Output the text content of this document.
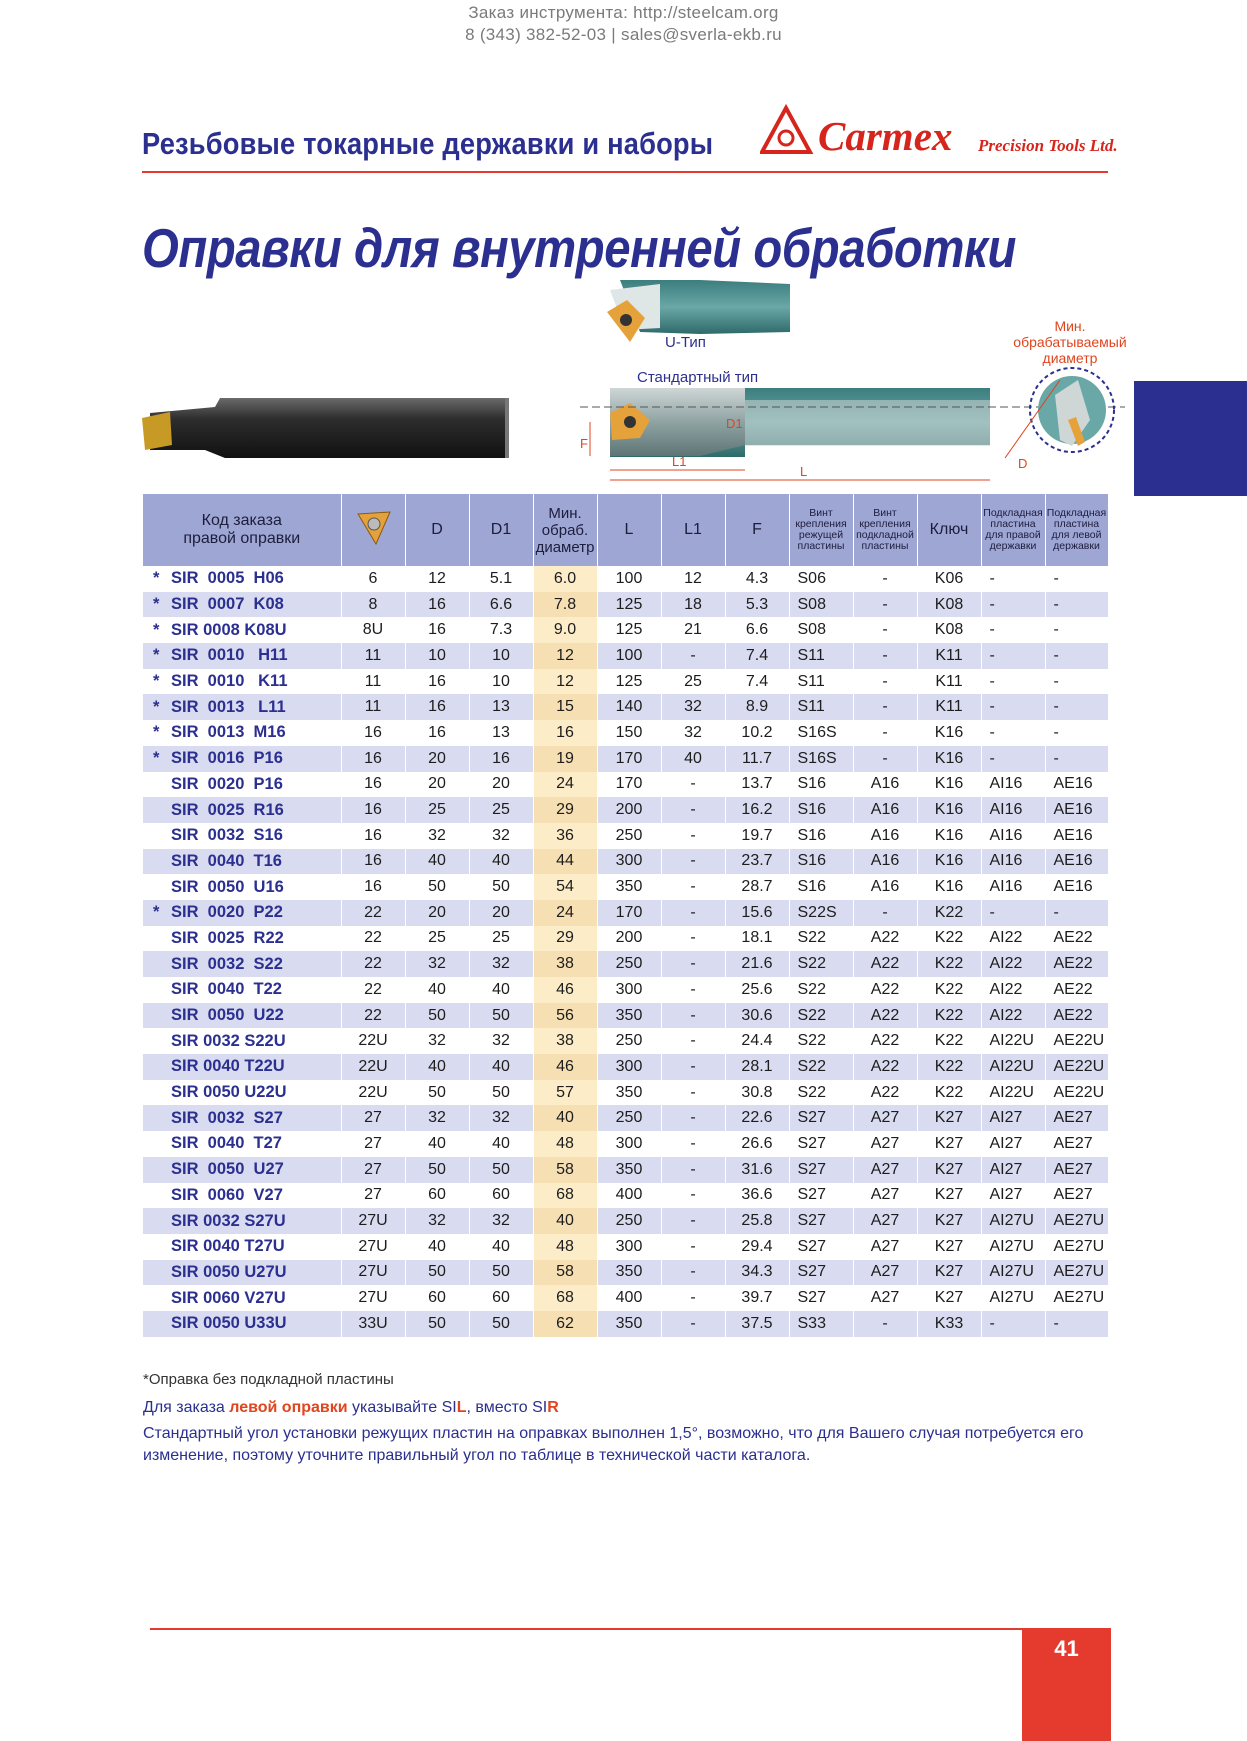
Заказ инструмента: http://steelcam.org
8 (343) 382-52-03 | sales@sverla-ekb.ru
Резьбовые токарные державки и наборы	Carmex Precision Tools Ltd.
Оправки для внутренней обработки
U-Тип
Стандартный тип
D1
F
L1
L
D
Мин.
обрабатываемый
диаметр
Код заказа
правой оправки		D	D1	Мин.
обраб.
диаметр	L	L1	F	Винт
крепления
режущей
пластины	Винт
крепления
подкладной
пластины	Ключ	Подкладная
пластина
для правой
державки	Подкладная
пластина
для левой
державки
* SIR  0005  H06	6	12	5.1	6.0	100	12	4.3	S06	-	K06	-	-
* SIR  0007  K08	8	16	6.6	7.8	125	18	5.3	S08	-	K08	-	-
* SIR 0008 K08U	8U	16	7.3	9.0	125	21	6.6	S08	-	K08	-	-
* SIR  0010   H11	11	10	10	12	100	-	7.4	S11	-	K11	-	-
* SIR  0010   K11	11	16	10	12	125	25	7.4	S11	-	K11	-	-
* SIR  0013   L11	11	16	13	15	140	32	8.9	S11	-	K11	-	-
* SIR  0013  M16	16	16	13	16	150	32	10.2	S16S	-	K16	-	-
* SIR  0016  P16	16	20	16	19	170	40	11.7	S16S	-	K16	-	-
SIR  0020  P16	16	20	20	24	170	-	13.7	S16	A16	K16	AI16	AE16
SIR  0025  R16	16	25	25	29	200	-	16.2	S16	A16	K16	AI16	AE16
SIR  0032  S16	16	32	32	36	250	-	19.7	S16	A16	K16	AI16	AE16
SIR  0040  T16	16	40	40	44	300	-	23.7	S16	A16	K16	AI16	AE16
SIR  0050  U16	16	50	50	54	350	-	28.7	S16	A16	K16	AI16	AE16
* SIR  0020  P22	22	20	20	24	170	-	15.6	S22S	-	K22	-	-
SIR  0025  R22	22	25	25	29	200	-	18.1	S22	A22	K22	AI22	AE22
SIR  0032  S22	22	32	32	38	250	-	21.6	S22	A22	K22	AI22	AE22
SIR  0040  T22	22	40	40	46	300	-	25.6	S22	A22	K22	AI22	AE22
SIR  0050  U22	22	50	50	56	350	-	30.6	S22	A22	K22	AI22	AE22
SIR 0032 S22U	22U	32	32	38	250	-	24.4	S22	A22	K22	AI22U	AE22U
SIR 0040 T22U	22U	40	40	46	300	-	28.1	S22	A22	K22	AI22U	AE22U
SIR 0050 U22U	22U	50	50	57	350	-	30.8	S22	A22	K22	AI22U	AE22U
SIR  0032  S27	27	32	32	40	250	-	22.6	S27	A27	K27	AI27	AE27
SIR  0040  T27	27	40	40	48	300	-	26.6	S27	A27	K27	AI27	AE27
SIR  0050  U27	27	50	50	58	350	-	31.6	S27	A27	K27	AI27	AE27
SIR  0060  V27	27	60	60	68	400	-	36.6	S27	A27	K27	AI27	AE27
SIR 0032 S27U	27U	32	32	40	250	-	25.8	S27	A27	K27	AI27U	AE27U
SIR 0040 T27U	27U	40	40	48	300	-	29.4	S27	A27	K27	AI27U	AE27U
SIR 0050 U27U	27U	50	50	58	350	-	34.3	S27	A27	K27	AI27U	AE27U
SIR 0060 V27U	27U	60	60	68	400	-	39.7	S27	A27	K27	AI27U	AE27U
SIR 0050 U33U	33U	50	50	62	350	-	37.5	S33	-	K33	-	-
*Оправка без подкладной пластины
Для заказа левой оправки указывайте SIL, вместо SIR
Стандартный угол установки режущих пластин на оправках выполнен 1,5°, возможно, что для Вашего случая потребуется его изменение, поэтому уточните правильный угол по таблице в технической части каталога.
41
